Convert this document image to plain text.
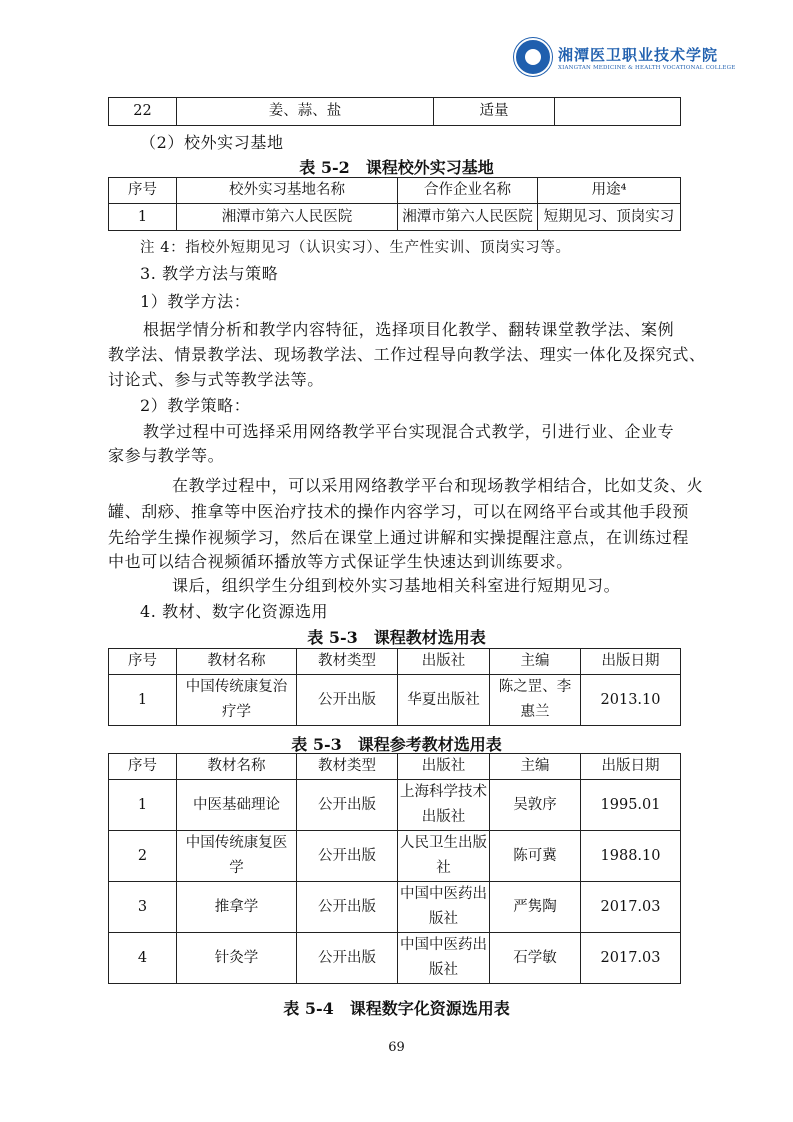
湘潭医卫职业技术学院
XIANGTAN MEDICINE & HEALTH VOCATIONAL COLLEGE
22	姜、蒜、盐	适量	
（2）校外实习基地
表 5-2　课程校外实习基地
序号	校外实习基地名称	合作企业名称	用途⁴
1	湘潭市第六人民医院	湘潭市第六人民医院	短期见习、顶岗实习
注 4：指校外短期见习（认识实习）、生产性实训、顶岗实习等。
3. 教学方法与策略
1）教学方法：
根据学情分析和教学内容特征，选择项目化教学、翻转课堂教学法、案例
教学法、情景教学法、现场教学法、工作过程导向教学法、理实一体化及探究式、
讨论式、参与式等教学法等。
2）教学策略：
教学过程中可选择采用网络教学平台实现混合式教学，引进行业、企业专
家参与教学等。
在教学过程中，可以采用网络教学平台和现场教学相结合，比如艾灸、火
罐、刮痧、推拿等中医治疗技术的操作内容学习，可以在网络平台或其他手段预
先给学生操作视频学习，然后在课堂上通过讲解和实操提醒注意点，在训练过程
中也可以结合视频循环播放等方式保证学生快速达到训练要求。
课后，组织学生分组到校外实习基地相关科室进行短期见习。
4. 教材、数字化资源选用
表 5-3　课程教材选用表
序号	教材名称	教材类型	出版社	主编	出版日期
1	中国传统康复治疗学	公开出版	华夏出版社	陈之罡、李惠兰	2013.10
表 5-3　课程参考教材选用表
序号	教材名称	教材类型	出版社	主编	出版日期
1	中医基础理论	公开出版	上海科学技术出版社	吴敦序	1995.01
2	中国传统康复医学	公开出版	人民卫生出版社	陈可冀	1988.10
3	推拿学	公开出版	中国中医药出版社	严隽陶	2017.03
4	针灸学	公开出版	中国中医药出版社	石学敏	2017.03
表 5-4　课程数字化资源选用表
69
